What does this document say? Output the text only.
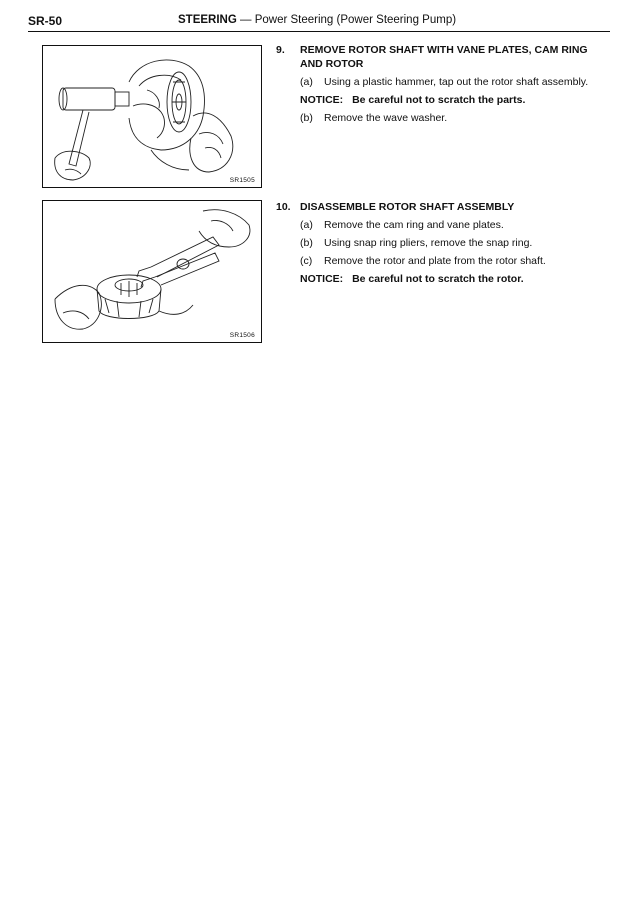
SR-50	STEERING — Power Steering (Power Steering Pump)
SR1505
SR1506
9. REMOVE ROTOR SHAFT WITH VANE PLATES, CAM RING AND ROTOR
(a) Using a plastic hammer, tap out the rotor shaft assembly.
NOTICE: Be careful not to scratch the parts.
(b) Remove the wave washer.
10. DISASSEMBLE ROTOR SHAFT ASSEMBLY
(a) Remove the cam ring and vane plates.
(b) Using snap ring pliers, remove the snap ring.
(c) Remove the rotor and plate from the rotor shaft.
NOTICE: Be careful not to scratch the rotor.
